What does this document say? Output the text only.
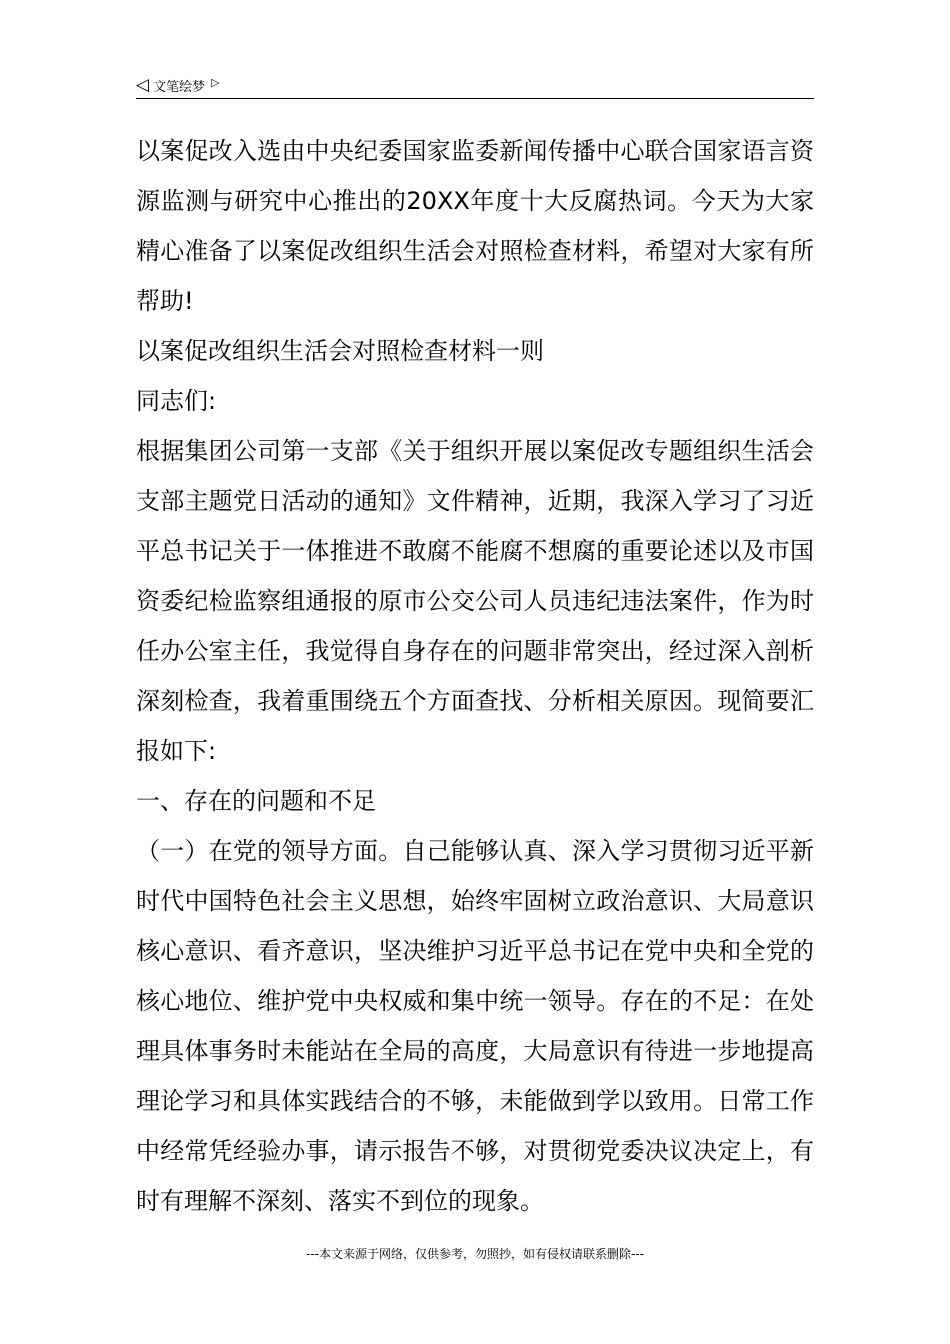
◁ 文笔绘梦 ▷

以案促改入选由中央纪委国家监委新闻传播中心联合国家语言资源监测与研究中心推出的20XX年度十大反腐热词。今天为大家精心准备了以案促改组织生活会对照检查材料，希望对大家有所帮助!

以案促改组织生活会对照检查材料一则

同志们:

根据集团公司第一支部《关于组织开展以案促改专题组织生活会支部主题党日活动的通知》文件精神，近期，我深入学习了习近平总书记关于一体推进不敢腐不能腐不想腐的重要论述以及市国资委纪检监察组通报的原市公交公司人员违纪违法案件，作为时任办公室主任，我觉得自身存在的问题非常突出，经过深入剖析深刻检查，我着重围绕五个方面查找、分析相关原因。现简要汇报如下:

一、存在的问题和不足

（一）在党的领导方面。自己能够认真、深入学习贯彻习近平新时代中国特色社会主义思想，始终牢固树立政治意识、大局意识核心意识、看齐意识，坚决维护习近平总书记在党中央和全党的核心地位、维护党中央权威和集中统一领导。存在的不足：在处理具体事务时未能站在全局的高度，大局意识有待进一步地提高理论学习和具体实践结合的不够，未能做到学以致用。日常工作中经常凭经验办事，请示报告不够，对贯彻党委决议决定上，有时有理解不深刻、落实不到位的现象。

---本文来源于网络，仅供参考，勿照抄，如有侵权请联系删除---
